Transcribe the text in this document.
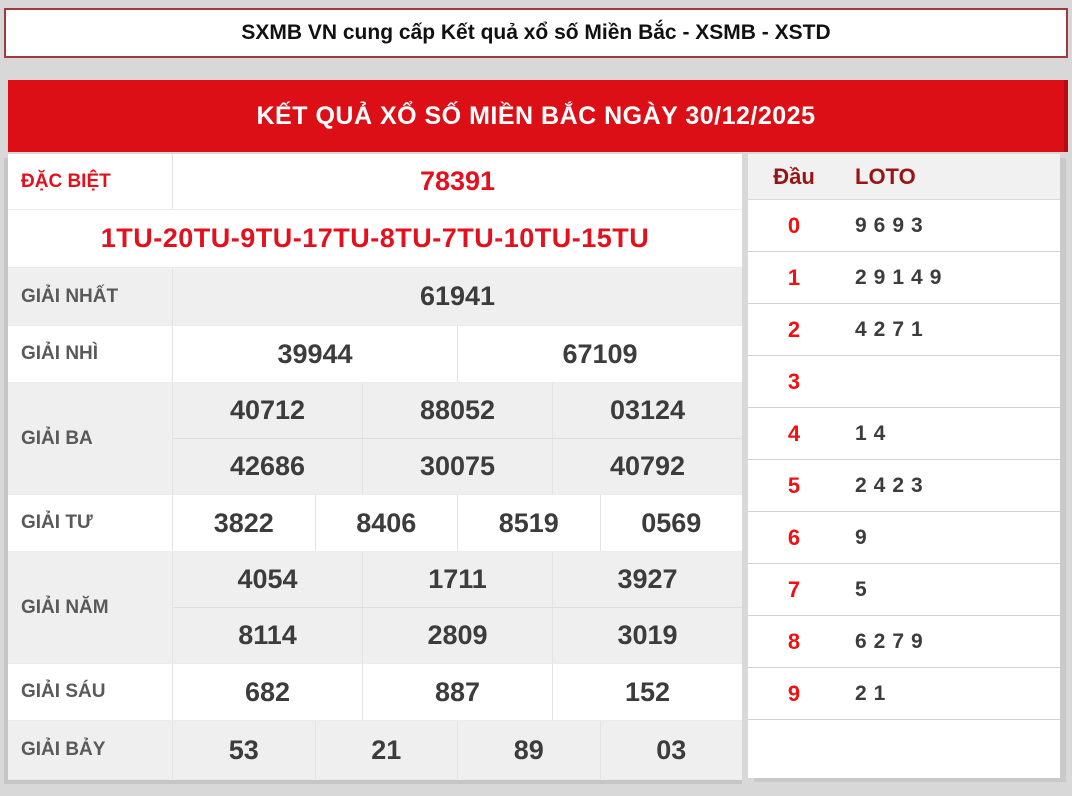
SXMB VN cung cấp Kết quả xổ số Miền Bắc - XSMB - XSTD
KẾT QUẢ XỔ SỐ MIỀN BẮC NGÀY 30/12/2025
ĐẶC BIỆT	78391
1TU-20TU-9TU-17TU-8TU-7TU-10TU-15TU
GIẢI NHẤT	61941
GIẢI NHÌ	39944	67109
GIẢI BA
40712	88052	03124
42686	30075	40792
GIẢI TƯ	3822	8406	8519	0569
GIẢI NĂM
4054	1711	3927
8114	2809	3019
GIẢI SÁU	682	887	152
GIẢI BẢY	53	21	89	03
Đầu	LOTO
0	9693
1	29149
2	4271
3
4	14
5	2423
6	9
7	5
8	6279
9	21
